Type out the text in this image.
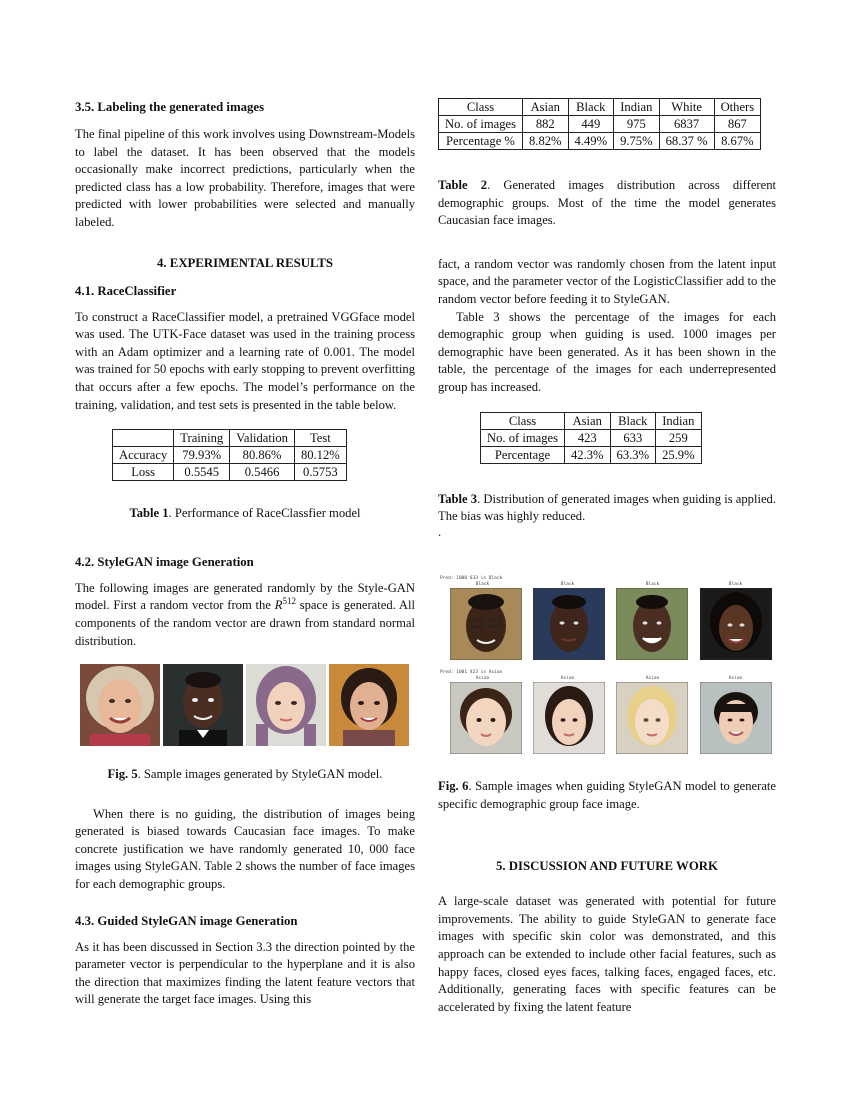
3.5. Labeling the generated images

The final pipeline of this work involves using Downstream-Models to label the dataset. It has been observed that the models occasionally make incorrect predictions, particularly when the predicted class has a low probability. Therefore, images that were predicted with lower probabilities were selected and manually labeled.

4. EXPERIMENTAL RESULTS
4.1. RaceClassifier

To construct a RaceClassifier model, a pretrained VGGface model was used. The UTK-Face dataset was used in the training process with an Adam optimizer and a learning rate of 0.001. The model was trained for 50 epochs with early stopping to prevent overfitting that occurs after a few epochs. The model’s performance on the training, validation, and test sets is presented in the table below.

	Training	Validation	Test
Accuracy	79.93%	80.86%	80.12%
Loss	0.5545	0.5466	0.5753

Table 1. Performance of RaceClassfier model

4.2. StyleGAN image Generation

The following images are generated randomly by the Style-GAN model. First a random vector from the $R^{512}$ space is generated. All components of the random vector are drawn from standard normal distribution.

Fig. 5. Sample images generated by StyleGAN model.

When there is no guiding, the distribution of images being generated is biased towards Caucasian face images. To make concrete justification we have randomly generated 10, 000 face images using StyleGAN. Table 2 shows the number of face images for each demographic groups.

4.3. Guided StyleGAN image Generation

As it has been discussed in Section 3.3 the direction pointed by the parameter vector is perpendicular to the hyperplane and it is also the direction that maximizes finding the latent feature vectors that will generate the target face images. Using this

Class	Asian	Black	Indian	White	Others
No. of images	882	449	975	6837	867
Percentage %	8.82%	4.49%	9.75%	68.37 %	8.67%

Table 2. Generated images distribution across different demographic groups. Most of the time the model generates Caucasian face images.

fact, a random vector was randomly chosen from the latent input space, and the parameter vector of the LogisticClassifier add to the random vector before feeding it to StyleGAN.

Table 3 shows the percentage of the images for each demographic group when guiding is used. 1000 images per demographic have been generated. As it has been shown in the table, the percentage of the images for each underrepresented group has increased.

Class	Asian	Black	Indian
No. of images	423	633	259
Percentage	42.3%	63.3%	25.9%

Table 3. Distribution of generated images when guiding is applied. The bias was highly reduced.

.

Pred: 1000 633 is Black
Pred: 1001 423 is Asian
Black	Black	Black	Black
Asian	Asian	Asian	Asian

Fig. 6. Sample images when guiding StyleGAN model to generate specific demographic group face image.

5. DISCUSSION AND FUTURE WORK

A large-scale dataset was generated with potential for future improvements. The ability to guide StyleGAN to generate face images with specific skin color was demonstrated, and this approach can be extended to include other facial features, such as happy faces, closed eyes faces, talking faces, engaged faces, etc. Additionally, generating faces with specific features can be accelerated by fixing the latent feature
